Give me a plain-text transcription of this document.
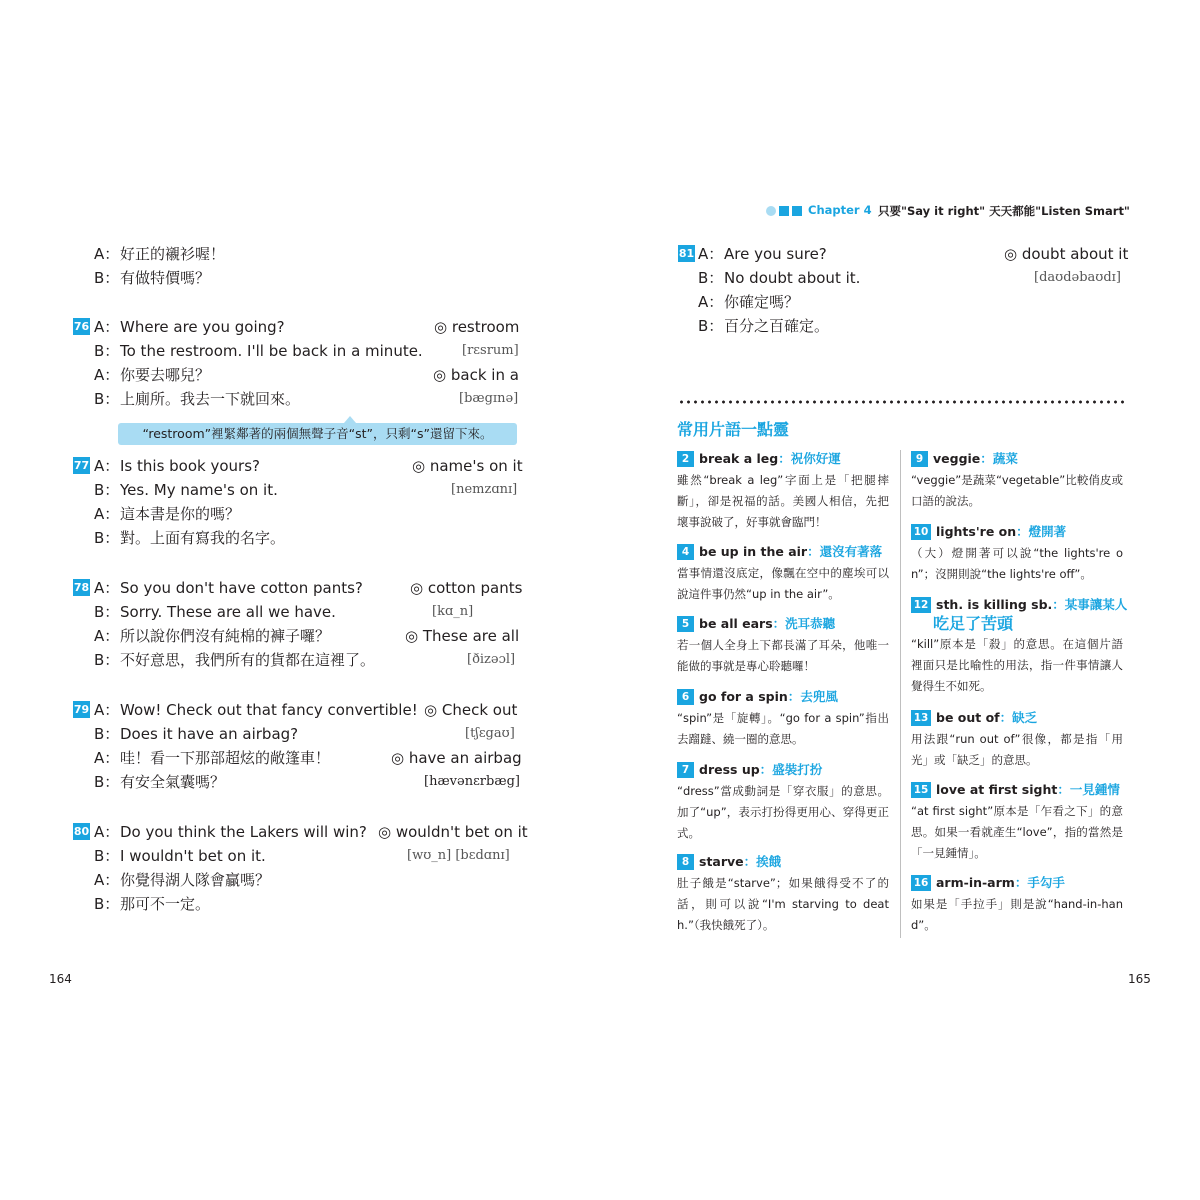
Chapter 4 只要"Say it right" 天天都能"Listen Smart"
A： 好正的襯衫喔！
B： 有做特價嗎？
76 A： Where are you going?	◎ restroom
B： To the restroom. I'll be back in a minute.	[rɛsrum]
A： 你要去哪兒？	◎ back in a
B： 上廁所。我去一下就回來。	[bægɪnə]
“restroom”裡緊鄰著的兩個無聲子音“st”，只剩“s”還留下來。
77 A： Is this book yours?	◎ name's on it
B： Yes. My name's on it.	[nemzɑnɪ]
A： 這本書是你的嗎？
B： 對。上面有寫我的名字。
78 A： So you don't have cotton pants?	◎ cotton pants
B： Sorry. These are all we have.	[kɑ_n]
A： 所以說你們沒有純棉的褲子囉？	◎ These are all
B： 不好意思，我們所有的貨都在這裡了。	[ðizəɔl]
79 A： Wow! Check out that fancy convertible! ◎ Check out
B： Does it have an airbag?	[tʃɛgaʊ]
A： 哇！看一下那部超炫的敞篷車！	◎ have an airbag
B： 有安全氣囊嗎？	[hævənɛrbæg]
80 A： Do you think the Lakers will win? ◎ wouldn't bet on it
B： I wouldn't bet on it.	[wʊ_n] [bɛdɑnɪ]
A： 你覺得湖人隊會贏嗎？
B： 那可不一定。
164
81 A： Are you sure?	◎ doubt about it
B： No doubt about it.	[daʊdəbaʊdɪ]
A： 你確定嗎？
B： 百分之百確定。
165
常用片語一點靈
2 break a leg：祝你好運
雖然“break a leg”字面上是「把腿摔斷」，卻是祝福的話。美國人相信，先把壞事說破了，好事就會臨門！
4 be up in the air：還沒有著落
當事情還沒底定，像飄在空中的塵埃可以說這件事仍然“up in the air”。
5 be all ears：洗耳恭聽
若一個人全身上下都長滿了耳朵，他唯一能做的事就是專心聆聽囉！
6 go for a spin：去兜風
“spin”是「旋轉」。“go for a spin”指出去蹓躂、繞一圈的意思。
7 dress up：盛裝打扮
“dress”當成動詞是「穿衣服」的意思。加了“up”，表示打扮得更用心、穿得更正式。
8 starve：挨餓
肚子餓是“starve”；如果餓得受不了的話，則可以說“I'm starving to death.”（我快餓死了）。
9 veggie：蔬菜
“veggie”是蔬菜“vegetable”比較俏皮或口語的說法。
10 lights're on：燈開著
（大）燈開著可以說“the lights're on”；沒開則說“the lights're off”。
12 sth. is killing sb.：某事讓某人
吃足了苦頭
“kill”原本是「殺」的意思。在這個片語裡面只是比喻性的用法，指一件事情讓人覺得生不如死。
13 be out of：缺乏
用法跟“run out of”很像，都是指「用光」或「缺乏」的意思。
15 love at first sight：一見鍾情
“at first sight”原本是「乍看之下」的意思。如果一看就產生“love”，指的當然是「一見鍾情」。
16 arm-in-arm：手勾手
如果是「手拉手」則是說“hand-in-hand”。
